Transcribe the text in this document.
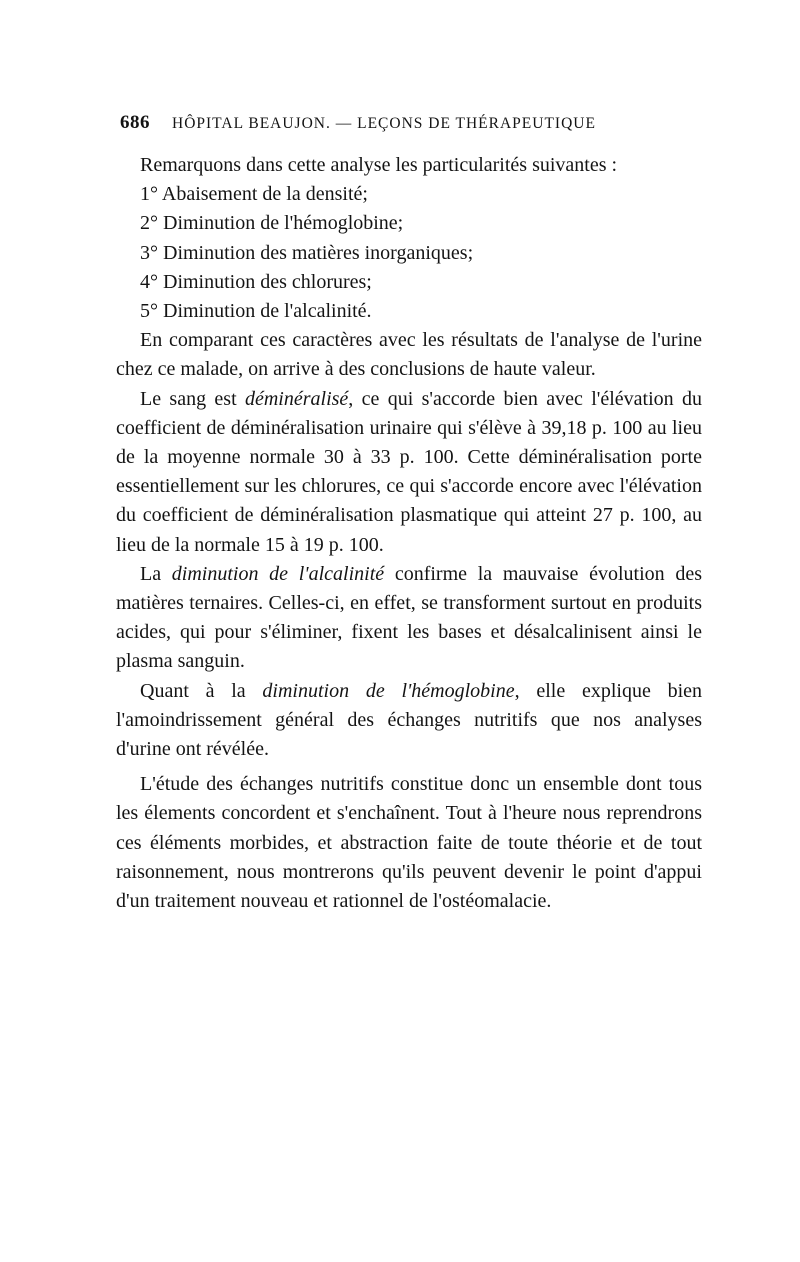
686 HÔPITAL BEAUJON. — LEÇONS DE THÉRAPEUTIQUE

Remarquons dans cette analyse les particularités suivantes :

1° Abaisement de la densité;

2° Diminution de l'hémoglobine;

3° Diminution des matières inorganiques;

4° Diminution des chlorures;

5° Diminution de l'alcalinité.

En comparant ces caractères avec les résultats de l'analyse de l'urine chez ce malade, on arrive à des conclusions de haute valeur.

Le sang est déminéralisé, ce qui s'accorde bien avec l'élévation du coefficient de déminéralisation urinaire qui s'élève à 39,18 p. 100 au lieu de la moyenne normale 30 à 33 p. 100. Cette déminéralisation porte essentiellement sur les chlorures, ce qui s'accorde encore avec l'élévation du coefficient de déminéralisation plasmatique qui atteint 27 p. 100, au lieu de la normale 15 à 19 p. 100.

La diminution de l'alcalinité confirme la mauvaise évolution des matières ternaires. Celles-ci, en effet, se transforment surtout en produits acides, qui pour s'éliminer, fixent les bases et désalcalinisent ainsi le plasma sanguin.

Quant à la diminution de l'hémoglobine, elle explique bien l'amoindrissement général des échanges nutritifs que nos analyses d'urine ont révélée.

L'étude des échanges nutritifs constitue donc un ensemble dont tous les élements concordent et s'enchaînent. Tout à l'heure nous reprendrons ces éléments morbides, et abstraction faite de toute théorie et de tout raisonnement, nous montrerons qu'ils peuvent devenir le point d'appui d'un traitement nouveau et rationnel de l'ostéomalacie.
